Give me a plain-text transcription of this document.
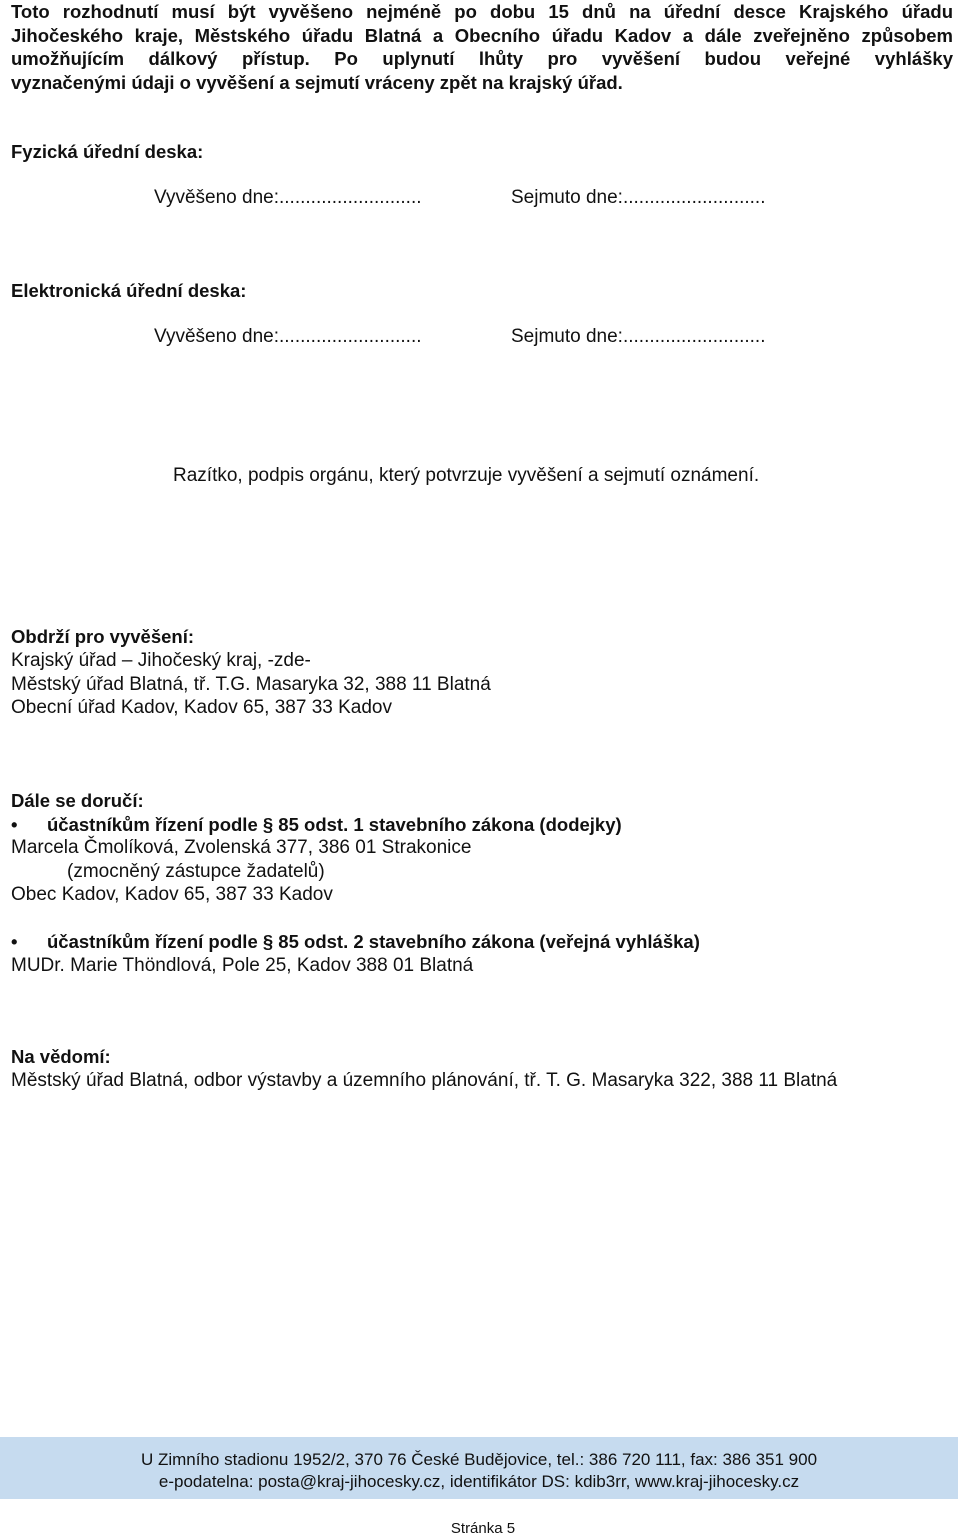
Toto rozhodnutí musí být vyvěšeno nejméně po dobu 15 dnů na úřední desce Krajského úřadu
Jihočeského kraje, Městského úřadu Blatná a Obecního úřadu Kadov a dále zveřejněno způsobem
umožňujícím dálkový přístup. Po uplynutí lhůty pro vyvěšení budou veřejné vyhlášky
vyznačenými údaji o vyvěšení a sejmutí vráceny zpět na krajský úřad.
Fyzická úřední deska:
Vyvěšeno dne:...........................	Sejmuto dne:...........................
Elektronická úřední deska:
Vyvěšeno dne:...........................	Sejmuto dne:...........................
Razítko, podpis orgánu, který potvrzuje vyvěšení a sejmutí oznámení.
Obdrží pro vyvěšení:
Krajský úřad – Jihočeský kraj, -zde-
Městský úřad Blatná, tř. T.G. Masaryka 32, 388 11 Blatná
Obecní úřad Kadov, Kadov 65, 387 33 Kadov
Dále se doručí:
• účastníkům řízení podle § 85 odst. 1 stavebního zákona (dodejky)
Marcela Čmolíková, Zvolenská 377, 386 01 Strakonice
(zmocněný zástupce žadatelů)
Obec Kadov, Kadov 65, 387 33 Kadov
• účastníkům řízení podle § 85 odst. 2 stavebního zákona (veřejná vyhláška)
MUDr. Marie Thöndlová, Pole 25, Kadov 388 01 Blatná
Na vědomí:
Městský úřad Blatná, odbor výstavby a územního plánování, tř. T. G. Masaryka 322, 388 11 Blatná
U Zimního stadionu 1952/2, 370 76 České Budějovice, tel.: 386 720 111, fax: 386 351 900
e-podatelna: posta@kraj-jihocesky.cz, identifikátor DS: kdib3rr, www.kraj-jihocesky.cz
Stránka 5
